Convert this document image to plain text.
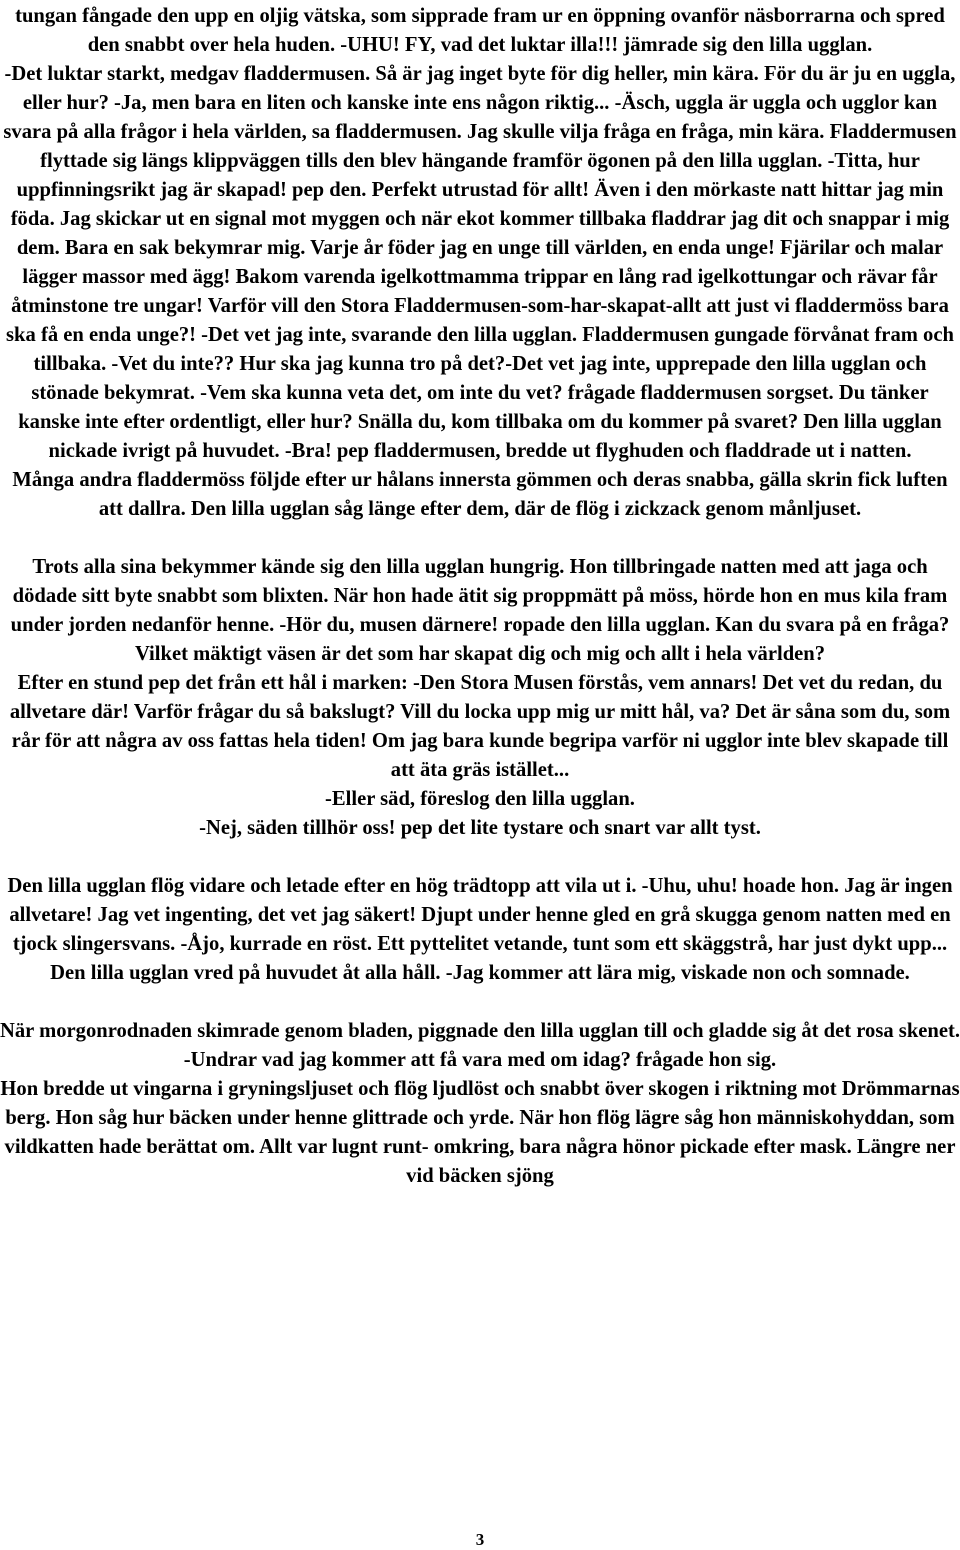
tungan fångade den upp en oljig vätska, som sipprade fram ur en öppning ovanför näsborrarna och spred den snabbt over hela huden. -UHU! FY, vad det luktar illa!!! jämrade sig den lilla ugglan.

-Det luktar starkt, medgav fladdermusen. Så är jag inget byte för dig heller, min kära. För du är ju en uggla, eller hur? -Ja, men bara en liten och kanske inte ens någon riktig... -Äsch, uggla är uggla och ugglor kan svara på alla frågor i hela världen, sa fladdermusen. Jag skulle vilja fråga en fråga, min kära. Fladdermusen flyttade sig längs klippväggen tills den blev hängande framför ögonen på den lilla ugglan. -Titta, hur uppfinningsrikt jag är skapad! pep den. Perfekt utrustad för allt! Även i den mörkaste natt hittar jag min föda. Jag skickar ut en signal mot myggen och när ekot kommer tillbaka fladdrar jag dit och snappar i mig dem. Bara en sak bekymrar mig. Varje år föder jag en unge till världen, en enda unge! Fjärilar och malar lägger massor med ägg! Bakom varenda igelkottmamma trippar en lång rad igelkottungar och rävar får åtminstone tre ungar! Varför vill den Stora Fladdermusen-som-har-skapat-allt att just vi fladdermöss bara ska få en enda unge?! -Det vet jag inte, svarande den lilla ugglan. Fladdermusen gungade förvånat fram och tillbaka. -Vet du inte?? Hur ska jag kunna tro på det?-Det vet jag inte, upprepade den lilla ugglan och stönade bekymrat. -Vem ska kunna veta det, om inte du vet? frågade fladdermusen sorgset. Du tänker kanske inte efter ordentligt, eller hur? Snälla du, kom tillbaka om du kommer på svaret? Den lilla ugglan nickade ivrigt på huvudet. -Bra! pep fladdermusen, bredde ut flyghuden och fladdrade ut i natten.

Många andra fladdermöss följde efter ur hålans innersta gömmen och deras snabba, gälla skrin fick luften att dallra. Den lilla ugglan såg länge efter dem, där de flög i zickzack genom månljuset.

Trots alla sina bekymmer kände sig den lilla ugglan hungrig. Hon tillbringade natten med att jaga och dödade sitt byte snabbt som blixten. När hon hade ätit sig proppmätt på möss, hörde hon en mus kila fram under jorden nedanför henne. -Hör du, musen därnere! ropade den lilla ugglan. Kan du svara på en fråga? Vilket mäktigt väsen är det som har skapat dig och mig och allt i hela världen?

Efter en stund pep det från ett hål i marken: -Den Stora Musen förstås, vem annars! Det vet du redan, du allvetare där! Varför frågar du så bakslugt? Vill du locka upp mig ur mitt hål, va? Det är såna som du, som rår för att några av oss fattas hela tiden! Om jag bara kunde begripa varför ni ugglor inte blev skapade till att äta gräs istället...

-Eller säd, föreslog den lilla ugglan.

-Nej, säden tillhör oss! pep det lite tystare och snart var allt tyst.

Den lilla ugglan flög vidare och letade efter en hög trädtopp att vila ut i. -Uhu, uhu! hoade hon. Jag är ingen allvetare! Jag vet ingenting, det vet jag säkert! Djupt under henne gled en grå skugga genom natten med en tjock slingersvans. -Åjo, kurrade en röst. Ett pyttelitet vetande, tunt som ett skäggstrå, har just dykt upp... Den lilla ugglan vred på huvudet åt alla håll. -Jag kommer att lära mig, viskade non och somnade.

När morgonrodnaden skimrade genom bladen, piggnade den lilla ugglan till och gladde sig åt det rosa skenet.

-Undrar vad jag kommer att få vara med om idag? frågade hon sig.

Hon bredde ut vingarna i gryningsljuset och flög ljudlöst och snabbt över skogen i riktning mot Drömmarnas berg. Hon såg hur bäcken under henne glittrade och yrde. När hon flög lägre såg hon människohyddan, som vildkatten hade berättat om. Allt var lugnt runt- omkring, bara några hönor pickade efter mask. Längre ner vid bäcken sjöng

3
